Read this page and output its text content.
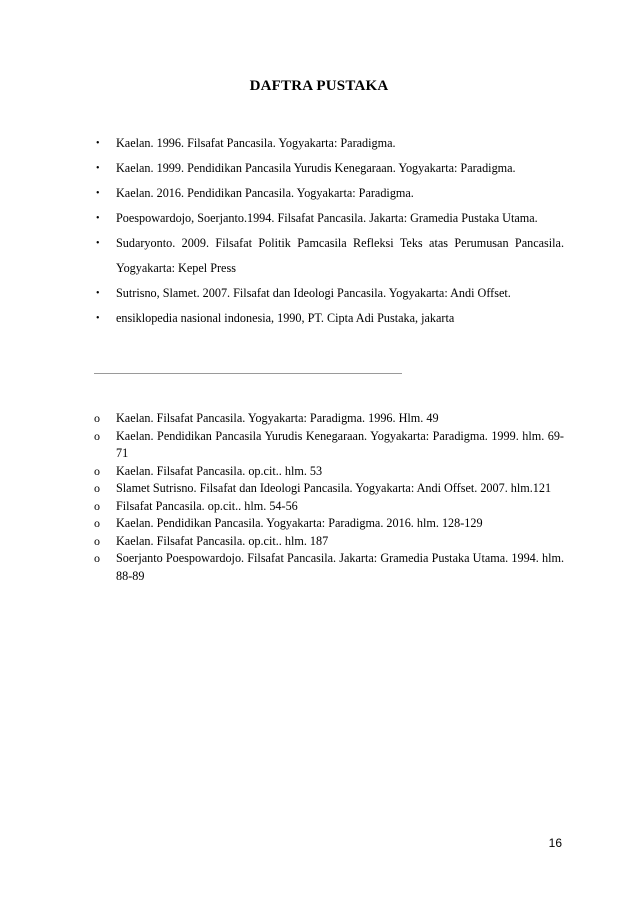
DAFTRA PUSTAKA
• Kaelan. 1996. Filsafat Pancasila. Yogyakarta: Paradigma.
• Kaelan. 1999. Pendidikan Pancasila Yurudis Kenegaraan. Yogyakarta: Paradigma.
• Kaelan. 2016. Pendidikan Pancasila. Yogyakarta: Paradigma.
• Poespowardojo, Soerjanto.1994. Filsafat Pancasila. Jakarta: Gramedia Pustaka Utama.
• Sudaryonto. 2009. Filsafat Politik Pamcasila Refleksi Teks atas Perumusan Pancasila. Yogyakarta: Kepel Press
• Sutrisno, Slamet. 2007. Filsafat dan Ideologi Pancasila. Yogyakarta: Andi Offset.
• ensiklopedia nasional indonesia, 1990, PT. Cipta Adi Pustaka, jakarta
o Kaelan. Filsafat Pancasila. Yogyakarta: Paradigma. 1996. Hlm. 49
o Kaelan. Pendidikan Pancasila Yurudis Kenegaraan. Yogyakarta: Paradigma. 1999. hlm. 69-71
o Kaelan. Filsafat Pancasila. op.cit.. hlm. 53
o Slamet Sutrisno. Filsafat dan Ideologi Pancasila. Yogyakarta: Andi Offset. 2007. hlm.121
o Filsafat Pancasila. op.cit.. hlm. 54-56
o Kaelan. Pendidikan Pancasila. Yogyakarta: Paradigma. 2016. hlm. 128-129
o Kaelan. Filsafat Pancasila. op.cit.. hlm. 187
o Soerjanto Poespowardojo. Filsafat Pancasila. Jakarta: Gramedia Pustaka Utama. 1994. hlm. 88-89
16
